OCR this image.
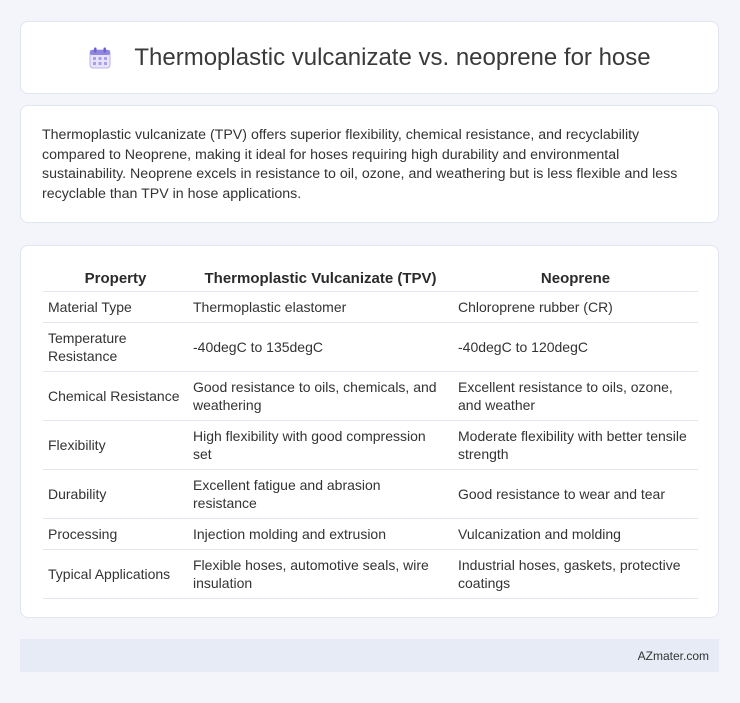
Thermoplastic vulcanizate vs. neoprene for hose

Thermoplastic vulcanizate (TPV) offers superior flexibility, chemical resistance, and recyclability compared to Neoprene, making it ideal for hoses requiring high durability and environmental sustainability. Neoprene excels in resistance to oil, ozone, and weathering but is less flexible and less recyclable than TPV in hose applications.

Property	Thermoplastic Vulcanizate (TPV)	Neoprene
Material Type	Thermoplastic elastomer	Chloroprene rubber (CR)
Temperature Resistance	-40degC to 135degC	-40degC to 120degC
Chemical Resistance	Good resistance to oils, chemicals, and weathering	Excellent resistance to oils, ozone, and weather
Flexibility	High flexibility with good compression set	Moderate flexibility with better tensile strength
Durability	Excellent fatigue and abrasion resistance	Good resistance to wear and tear
Processing	Injection molding and extrusion	Vulcanization and molding
Typical Applications	Flexible hoses, automotive seals, wire insulation	Industrial hoses, gaskets, protective coatings
AZmater.com
